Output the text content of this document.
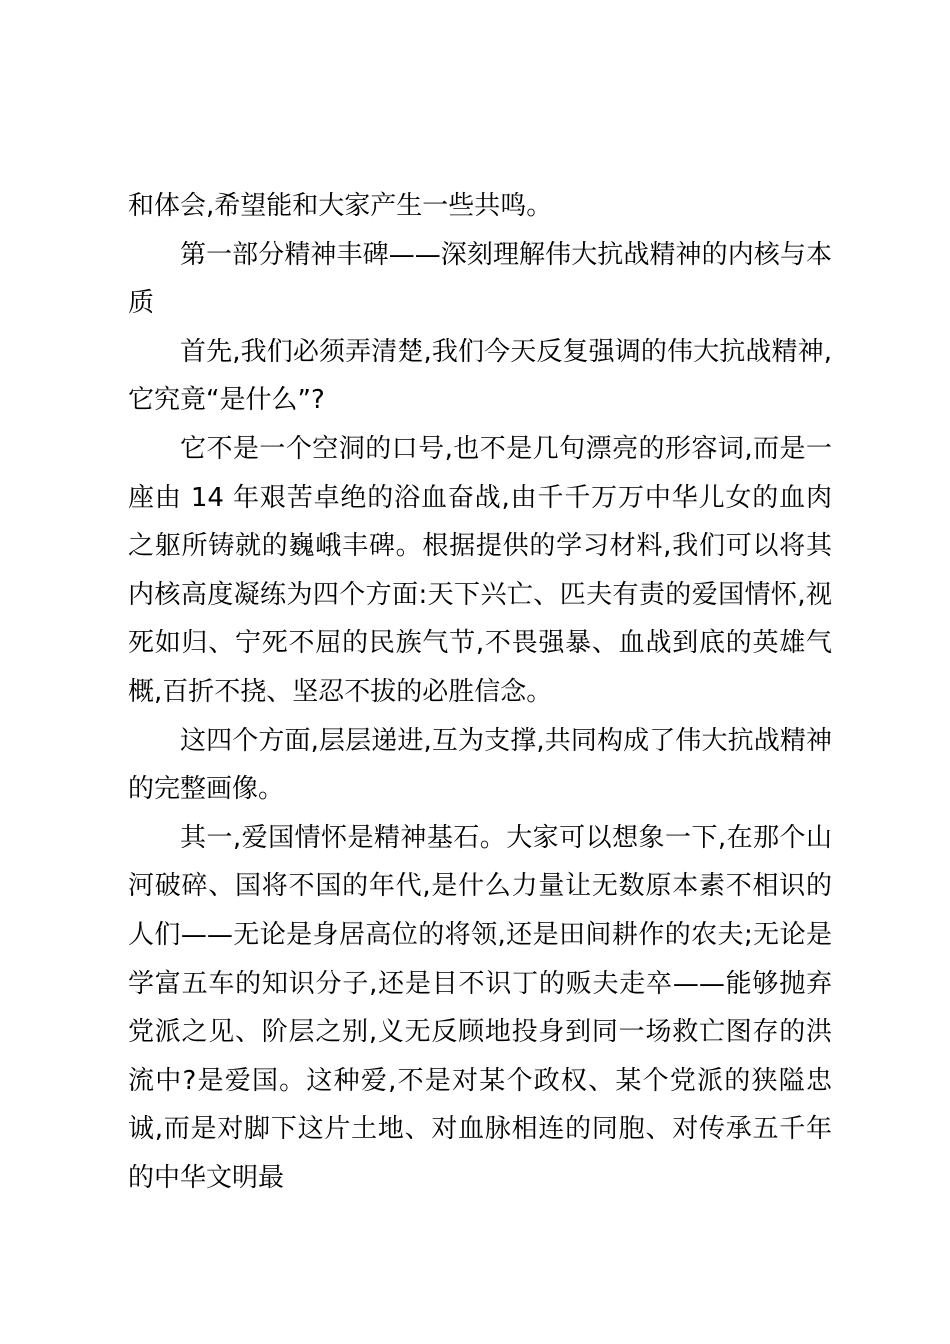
和体会,希望能和大家产生一些共鸣。

第一部分精神丰碑——深刻理解伟大抗战精神的内核与本质

首先,我们必须弄清楚,我们今天反复强调的伟大抗战精神,它究竟“是什么”?

它不是一个空洞的口号,也不是几句漂亮的形容词,而是一座由 14 年艰苦卓绝的浴血奋战,由千千万万中华儿女的血肉之躯所铸就的巍峨丰碑。根据提供的学习材料,我们可以将其内核高度凝练为四个方面:天下兴亡、匹夫有责的爱国情怀,视死如归、宁死不屈的民族气节,不畏强暴、血战到底的英雄气概,百折不挠、坚忍不拔的必胜信念。

这四个方面,层层递进,互为支撑,共同构成了伟大抗战精神的完整画像。

其一,爱国情怀是精神基石。大家可以想象一下,在那个山河破碎、国将不国的年代,是什么力量让无数原本素不相识的人们——无论是身居高位的将领,还是田间耕作的农夫;无论是学富五车的知识分子,还是目不识丁的贩夫走卒——能够抛弃党派之见、阶层之别,义无反顾地投身到同一场救亡图存的洪流中?是爱国。这种爱,不是对某个政权、某个党派的狭隘忠诚,而是对脚下这片土地、对血脉相连的同胞、对传承五千年的中华文明最
